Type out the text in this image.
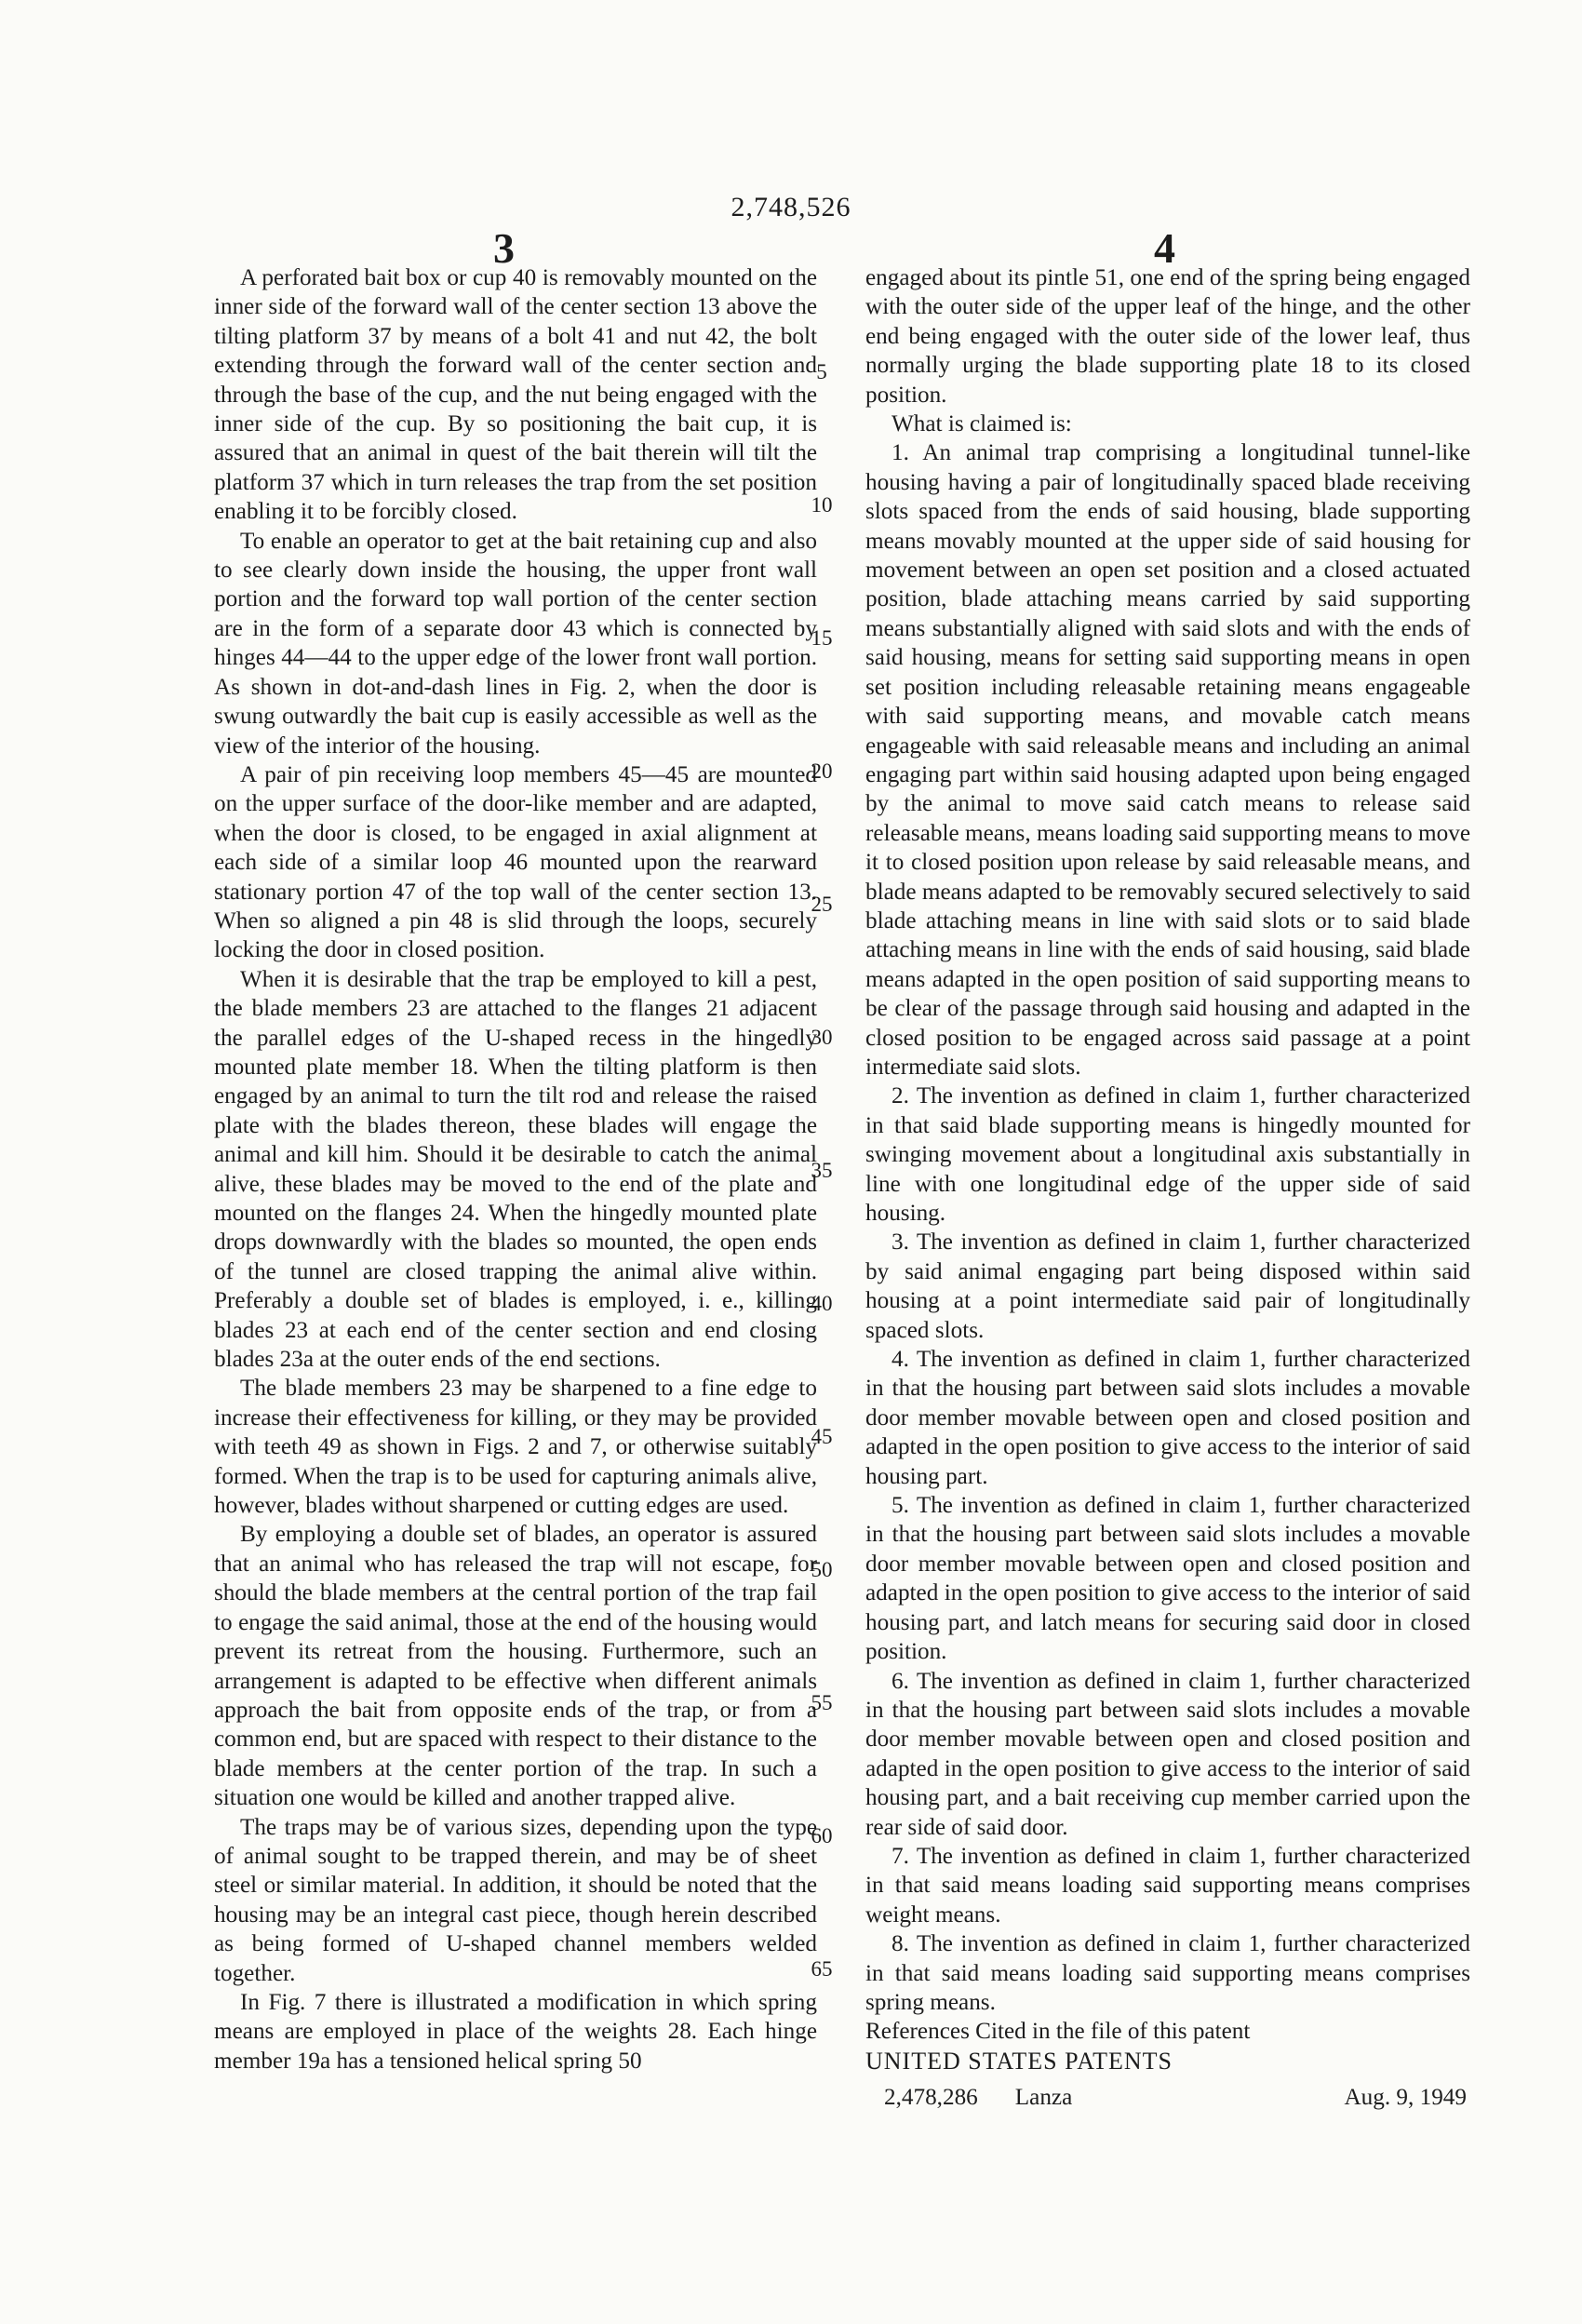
2,748,526
3	4

A perforated bait box or cup 40 is removably mounted on the inner side of the forward wall of the center section 13 above the tilting platform 37 by means of a bolt 41 and nut 42, the bolt extending through the forward wall of the center section and through the base of the cup, and the nut being engaged with the inner side of the cup. By so positioning the bait cup, it is assured that an animal in quest of the bait therein will tilt the platform 37 which in turn releases the trap from the set position enabling it to be forcibly closed.

To enable an operator to get at the bait retaining cup and also to see clearly down inside the housing, the upper front wall portion and the forward top wall portion of the center section are in the form of a separate door 43 which is connected by hinges 44—44 to the upper edge of the lower front wall portion. As shown in dot-and-dash lines in Fig. 2, when the door is swung outwardly the bait cup is easily accessible as well as the view of the interior of the housing.

A pair of pin receiving loop members 45—45 are mounted on the upper surface of the door-like member and are adapted, when the door is closed, to be engaged in axial alignment at each side of a similar loop 46 mounted upon the rearward stationary portion 47 of the top wall of the center section 13. When so aligned a pin 48 is slid through the loops, securely locking the door in closed position.

When it is desirable that the trap be employed to kill a pest, the blade members 23 are attached to the flanges 21 adjacent the parallel edges of the U-shaped recess in the hingedly mounted plate member 18. When the tilting platform is then engaged by an animal to turn the tilt rod and release the raised plate with the blades thereon, these blades will engage the animal and kill him. Should it be desirable to catch the animal alive, these blades may be moved to the end of the plate and mounted on the flanges 24. When the hingedly mounted plate drops downwardly with the blades so mounted, the open ends of the tunnel are closed trapping the animal alive within. Preferably a double set of blades is employed, i. e., killing blades 23 at each end of the center section and end closing blades 23a at the outer ends of the end sections.

The blade members 23 may be sharpened to a fine edge to increase their effectiveness for killing, or they may be provided with teeth 49 as shown in Figs. 2 and 7, or otherwise suitably formed. When the trap is to be used for capturing animals alive, however, blades without sharpened or cutting edges are used.

By employing a double set of blades, an operator is assured that an animal who has released the trap will not escape, for should the blade members at the central portion of the trap fail to engage the said animal, those at the end of the housing would prevent its retreat from the housing. Furthermore, such an arrangement is adapted to be effective when different animals approach the bait from opposite ends of the trap, or from a common end, but are spaced with respect to their distance to the blade members at the center portion of the trap. In such a situation one would be killed and another trapped alive.

The traps may be of various sizes, depending upon the type of animal sought to be trapped therein, and may be of sheet steel or similar material. In addition, it should be noted that the housing may be an integral cast piece, though herein described as being formed of U-shaped channel members welded together.

In Fig. 7 there is illustrated a modification in which spring means are employed in place of the weights 28. Each hinge member 19a has a tensioned helical spring 50

5
10
15
20
25
30
35
40
45
50
55
60
65

engaged about its pintle 51, one end of the spring being engaged with the outer side of the upper leaf of the hinge, and the other end being engaged with the outer side of the lower leaf, thus normally urging the blade supporting plate 18 to its closed position.

What is claimed is:

1. An animal trap comprising a longitudinal tunnel-like housing having a pair of longitudinally spaced blade receiving slots spaced from the ends of said housing, blade supporting means movably mounted at the upper side of said housing for movement between an open set position and a closed actuated position, blade attaching means carried by said supporting means substantially aligned with said slots and with the ends of said housing, means for setting said supporting means in open set position including releasable retaining means engageable with said supporting means, and movable catch means engageable with said releasable means and including an animal engaging part within said housing adapted upon being engaged by the animal to move said catch means to release said releasable means, means loading said supporting means to move it to closed position upon release by said releasable means, and blade means adapted to be removably secured selectively to said blade attaching means in line with said slots or to said blade attaching means in line with the ends of said housing, said blade means adapted in the open position of said supporting means to be clear of the passage through said housing and adapted in the closed position to be engaged across said passage at a point intermediate said slots.

2. The invention as defined in claim 1, further characterized in that said blade supporting means is hingedly mounted for swinging movement about a longitudinal axis substantially in line with one longitudinal edge of the upper side of said housing.

3. The invention as defined in claim 1, further characterized by said animal engaging part being disposed within said housing at a point intermediate said pair of longitudinally spaced slots.

4. The invention as defined in claim 1, further characterized in that the housing part between said slots includes a movable door member movable between open and closed position and adapted in the open position to give access to the interior of said housing part.

5. The invention as defined in claim 1, further characterized in that the housing part between said slots includes a movable door member movable between open and closed position and adapted in the open position to give access to the interior of said housing part, and latch means for securing said door in closed position.

6. The invention as defined in claim 1, further characterized in that the housing part between said slots includes a movable door member movable between open and closed position and adapted in the open position to give access to the interior of said housing part, and a bait receiving cup member carried upon the rear side of said door.

7. The invention as defined in claim 1, further characterized in that said means loading said supporting means comprises weight means.

8. The invention as defined in claim 1, further characterized in that said means loading said supporting means comprises spring means.

References Cited in the file of this patent

UNITED STATES PATENTS

2,478,286 Lanza	Aug. 9, 1949
